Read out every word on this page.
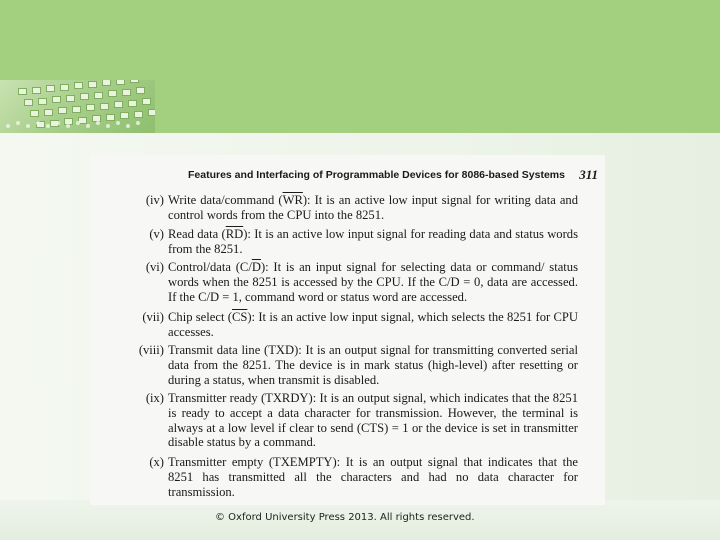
Features and Interfacing of Programmable Devices for 8086-based Systems 311
(iv) Write data/command $(\overline{WR})$: It is an active low input signal for writing data and control words from the CPU into the 8251.
(v) Read data $(\overline{RD})$: It is an active low input signal for reading data and status words from the 8251.
(vi) Control/data $(C/\overline{D})$: It is an input signal for selecting data or command/ status words when the 8251 is accessed by the CPU. If the C/D = 0, data are accessed. If the C/D = 1, command word or status word are accessed.
(vii) Chip select $(\overline{CS})$: It is an active low input signal, which selects the 8251 for CPU accesses.
(viii) Transmit data line (TXD): It is an output signal for transmitting converted serial data from the 8251. The device is in mark status (high-level) after resetting or during a status, when transmit is disabled.
(ix) Transmitter ready (TXRDY): It is an output signal, which indicates that the 8251 is ready to accept a data character for transmission. However, the terminal is always at a low level if clear to send (CTS) = 1 or the device is set in transmitter disable status by a command.
(x) Transmitter empty (TXEMPTY): It is an output signal that indicates that the 8251 has transmitted all the characters and had no data character for transmission.
© Oxford University Press 2013. All rights reserved.
